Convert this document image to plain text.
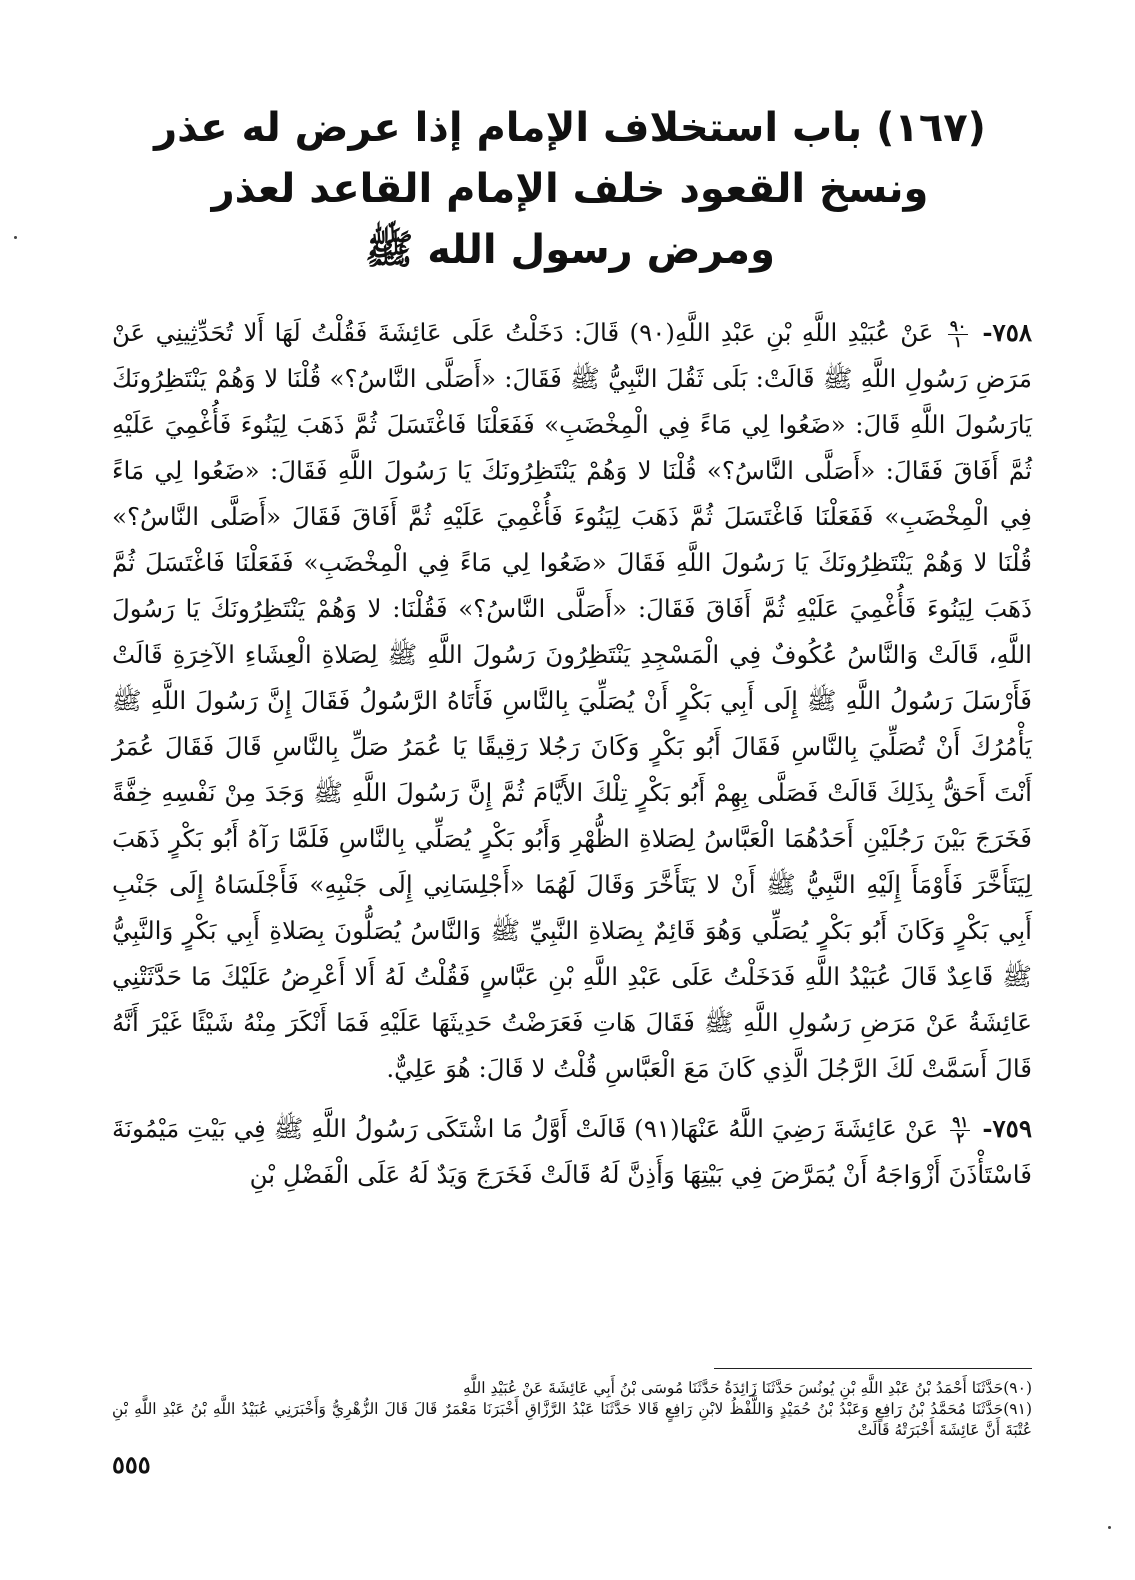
(١٦٧) باب استخلاف الإمام إذا عرض له عذر
ونسخ القعود خلف الإمام القاعد لعذر
ومرض رسول الله ﷺ

٧٥٨-
$\frac{٩٠}{١}$
عَنْ عُبَيْدِ اللَّهِ بْنِ عَبْدِ اللَّهِ(٩٠) قَالَ: دَخَلْتُ عَلَى عَائِشَةَ فَقُلْتُ لَهَا أَلا تُحَدِّثِينِي عَنْ مَرَضِ رَسُولِ اللَّهِ ﷺ قَالَتْ: بَلَى ثَقُلَ النَّبِيُّ ﷺ فَقَالَ: «أَصَلَّى النَّاسُ؟» قُلْنَا لا وَهُمْ يَنْتَظِرُونَكَ يَارَسُولَ اللَّهِ قَالَ: «ضَعُوا لِي مَاءً فِي الْمِخْضَبِ» فَفَعَلْنَا فَاغْتَسَلَ ثُمَّ ذَهَبَ لِيَنُوءَ فَأُغْمِيَ عَلَيْهِ ثُمَّ أَفَاقَ فَقَالَ: «أَصَلَّى النَّاسُ؟» قُلْنَا لا وَهُمْ يَنْتَظِرُونَكَ يَا رَسُولَ اللَّهِ فَقَالَ: «ضَعُوا لِي مَاءً فِي الْمِخْضَبِ» فَفَعَلْنَا فَاغْتَسَلَ ثُمَّ ذَهَبَ لِيَنُوءَ فَأُغْمِيَ عَلَيْهِ ثُمَّ أَفَاقَ فَقَالَ «أَصَلَّى النَّاسُ؟» قُلْنَا لا وَهُمْ يَنْتَظِرُونَكَ يَا رَسُولَ اللَّهِ فَقَالَ «ضَعُوا لِي مَاءً فِي الْمِخْضَبِ» فَفَعَلْنَا فَاغْتَسَلَ ثُمَّ ذَهَبَ لِيَنُوءَ فَأُغْمِيَ عَلَيْهِ ثُمَّ أَفَاقَ فَقَالَ: «أَصَلَّى النَّاسُ؟» فَقُلْنَا: لا وَهُمْ يَنْتَظِرُونَكَ يَا رَسُولَ اللَّهِ، قَالَتْ وَالنَّاسُ عُكُوفٌ فِي الْمَسْجِدِ يَنْتَظِرُونَ رَسُولَ اللَّهِ ﷺ لِصَلاةِ الْعِشَاءِ الآخِرَةِ قَالَتْ فَأَرْسَلَ رَسُولُ اللَّهِ ﷺ إِلَى أَبِي بَكْرٍ أَنْ يُصَلِّيَ بِالنَّاسِ فَأَتَاهُ الرَّسُولُ فَقَالَ إِنَّ رَسُولَ اللَّهِ ﷺ يَأْمُرُكَ أَنْ تُصَلِّيَ بِالنَّاسِ فَقَالَ أَبُو بَكْرٍ وَكَانَ رَجُلا رَقِيقًا يَا عُمَرُ صَلِّ بِالنَّاسِ قَالَ فَقَالَ عُمَرُ أَنْتَ أَحَقُّ بِذَلِكَ قَالَتْ فَصَلَّى بِهِمْ أَبُو بَكْرٍ تِلْكَ الأَيَّامَ ثُمَّ إِنَّ رَسُولَ اللَّهِ ﷺ وَجَدَ مِنْ نَفْسِهِ خِفَّةً فَخَرَجَ بَيْنَ رَجُلَيْنِ أَحَدُهُمَا الْعَبَّاسُ لِصَلاةِ الظُّهْرِ وَأَبُو بَكْرٍ يُصَلِّي بِالنَّاسِ فَلَمَّا رَآهُ أَبُو بَكْرٍ ذَهَبَ لِيَتَأَخَّرَ فَأَوْمَأَ إِلَيْهِ النَّبِيُّ ﷺ أَنْ لا يَتَأَخَّرَ وَقَالَ لَهُمَا «أَجْلِسَانِي إِلَى جَنْبِهِ» فَأَجْلَسَاهُ إِلَى جَنْبِ أَبِي بَكْرٍ وَكَانَ أَبُو بَكْرٍ يُصَلِّي وَهُوَ قَائِمٌ بِصَلاةِ النَّبِيِّ ﷺ وَالنَّاسُ يُصَلُّونَ بِصَلاةِ أَبِي بَكْرٍ وَالنَّبِيُّ ﷺ قَاعِدٌ قَالَ عُبَيْدُ اللَّهِ فَدَخَلْتُ عَلَى عَبْدِ اللَّهِ بْنِ عَبَّاسٍ فَقُلْتُ لَهُ أَلا أَعْرِضُ عَلَيْكَ مَا حَدَّثَتْنِي عَائِشَةُ عَنْ مَرَضِ رَسُولِ اللَّهِ ﷺ فَقَالَ هَاتِ فَعَرَضْتُ حَدِيثَهَا عَلَيْهِ فَمَا أَنْكَرَ مِنْهُ شَيْئًا غَيْرَ أَنَّهُ قَالَ أَسَمَّتْ لَكَ الرَّجُلَ الَّذِي كَانَ مَعَ الْعَبَّاسِ قُلْتُ لا قَالَ: هُوَ عَلِيٌّ.

٧٥٩-
$\frac{٩١}{٢}$
عَنْ عَائِشَةَ رَضِيَ اللَّهُ عَنْهَا(٩١) قَالَتْ أَوَّلُ مَا اشْتَكَى رَسُولُ اللَّهِ ﷺ فِي بَيْتِ مَيْمُونَةَ فَاسْتَأْذَنَ أَزْوَاجَهُ أَنْ يُمَرَّضَ فِي بَيْتِهَا وَأَذِنَّ لَهُ قَالَتْ فَخَرَجَ وَيَدٌ لَهُ عَلَى الْفَضْلِ بْنِ

(٩٠)حَدَّثَنَا أَحْمَدُ بْنُ عَبْدِ اللَّهِ بْنِ يُونُسَ حَدَّثَنَا زَائِدَةُ حَدَّثَنَا مُوسَى بْنُ أَبِي عَائِشَةَ عَنْ عُبَيْدِ اللَّهِ

(٩١)حَدَّثَنَا مُحَمَّدُ بْنُ رَافِعٍ وَعَبْدُ بْنُ حُمَيْدٍ وَاللَّفْظُ لابْنِ رَافِعٍ قَالا حَدَّثَنَا عَبْدُ الرَّزَّاقِ أَخْبَرَنَا مَعْمَرٌ قَالَ قَالَ الزُّهْرِيُّ وَأَخْبَرَنِي عُبَيْدُ اللَّهِ بْنُ عَبْدِ اللَّهِ بْنِ عُتْبَةَ أَنَّ عَائِشَةَ أَخْبَرَتْهُ قَالَتْ

٥٥٥
